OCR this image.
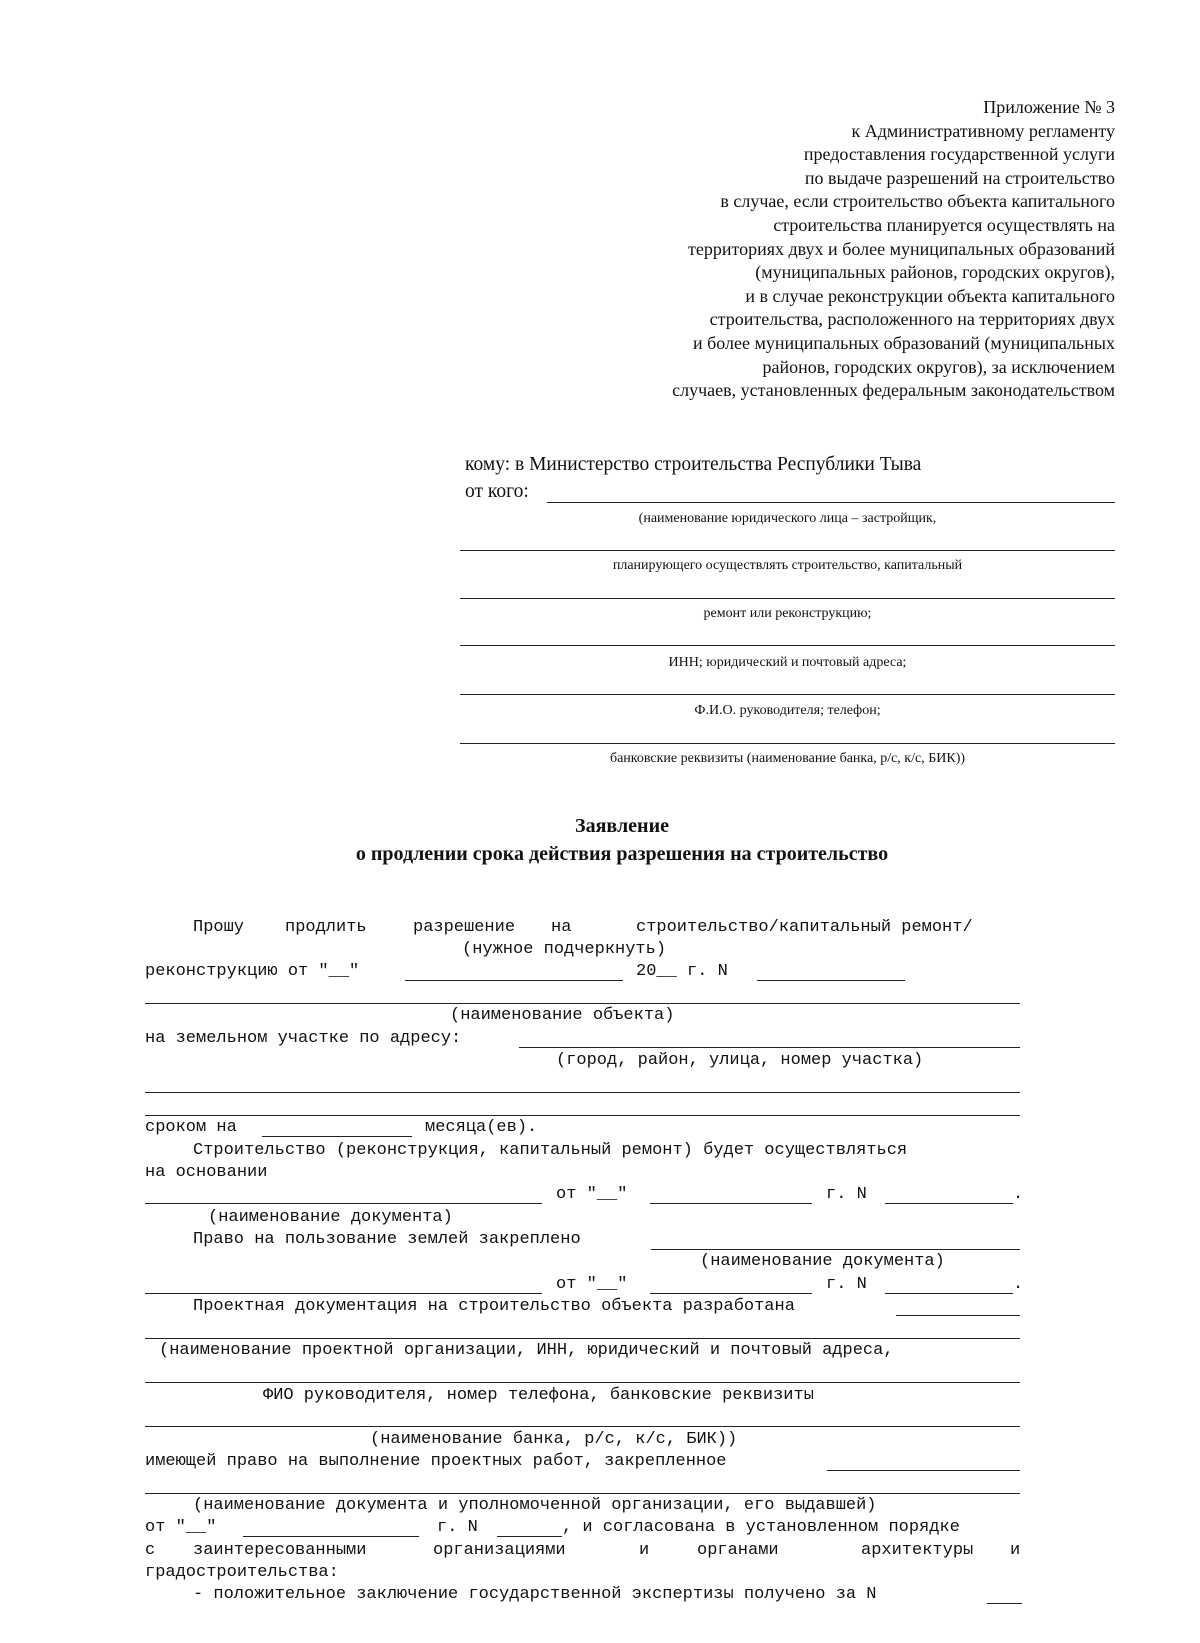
Приложение № 3
к Административному регламенту
предоставления государственной услуги
по выдаче разрешений на строительство
в случае, если строительство объекта капитального
строительства планируется осуществлять на
территориях двух и более муниципальных образований
(муниципальных районов, городских округов),
и в случае реконструкции объекта капитального
строительства, расположенного на территориях двух
и более муниципальных образований (муниципальных
районов, городских округов), за исключением
случаев, установленных федеральным законодательством
кому: в Министерство строительства Республики Тыва
от кого:
(наименование юридического лица – застройщик,
планирующего осуществлять строительство, капитальный
ремонт или реконструкцию;
ИНН; юридический и почтовый адреса;
Ф.И.О. руководителя; телефон;
банковские реквизиты (наименование банка, р/с, к/с, БИК))
Заявление
о продлении срока действия разрешения на строительство
Прошу продлить	разрешение на	строительство/капитальный ремонт/
(нужное подчеркнуть)
реконструкцию от "__"	20__ г. N
(наименование объекта)
на земельном участке по адресу:
(город, район, улица, номер участка)
сроком на	месяца(ев).
Строительство (реконструкция, капитальный ремонт) будет осуществляться
на основании
от "__"	г. N	.
(наименование документа)
Право на пользование землей закреплено
(наименование документа)
от "__"	г. N	.
Проектная документация на строительство объекта разработана
(наименование проектной организации, ИНН, юридический и почтовый адреса,
ФИО руководителя, номер телефона, банковские реквизиты
(наименование банка, р/с, к/с, БИК))
имеющей право на выполнение проектных работ, закрепленное
(наименование документа и уполномоченной организации, его выдавшей)
от "__"	г. N	, и согласована в установленном порядке
с заинтересованными	организациями	и	органами	архитектуры и
градостроительства:
- положительное заключение государственной экспертизы получено за N
